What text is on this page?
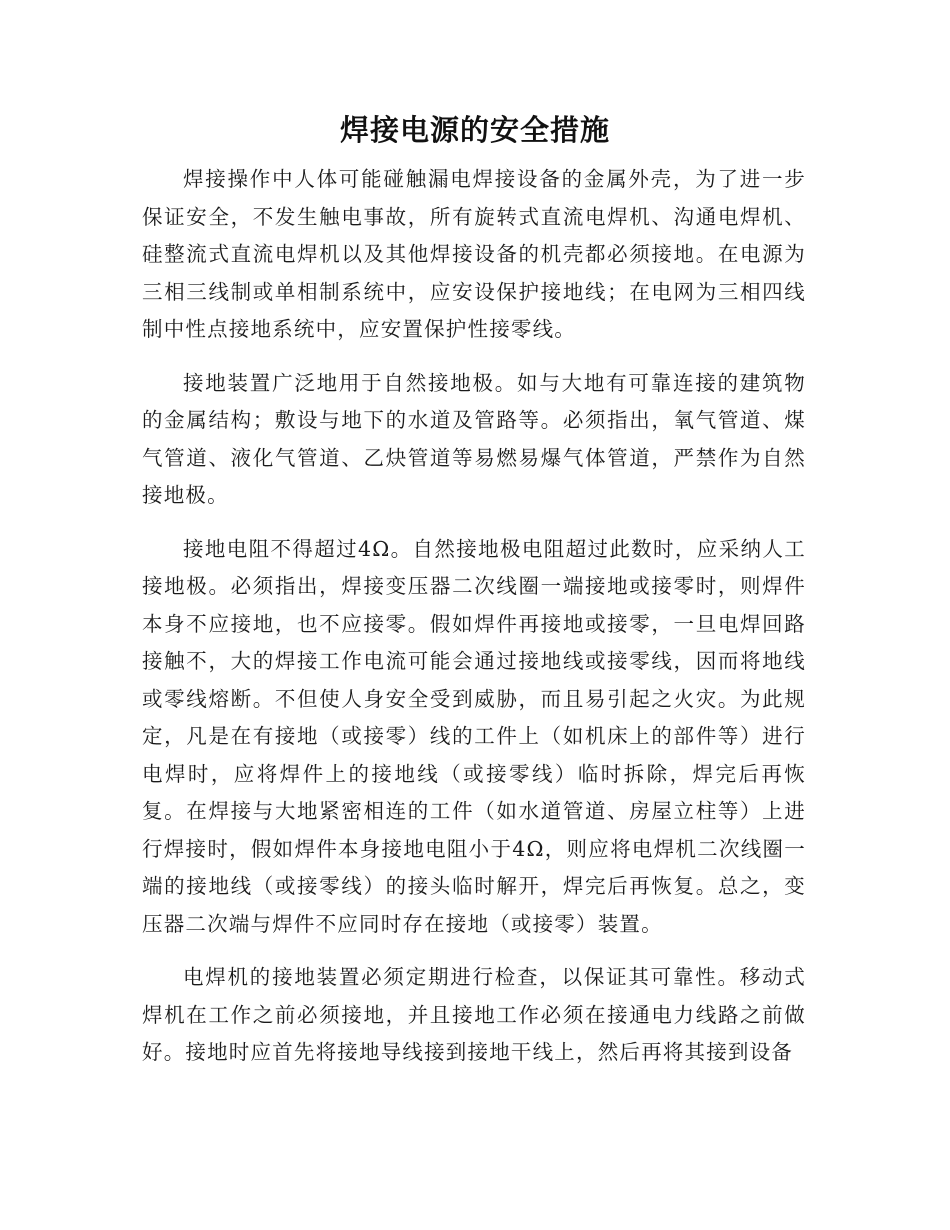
焊接电源的安全措施

焊接操作中人体可能碰触漏电焊接设备的金属外壳，为了进一步保证安全，不发生触电事故，所有旋转式直流电焊机、沟通电焊机、硅整流式直流电焊机以及其他焊接设备的机壳都必须接地。在电源为三相三线制或单相制系统中，应安设保护接地线；在电网为三相四线制中性点接地系统中，应安置保护性接零线。

接地装置广泛地用于自然接地极。如与大地有可靠连接的建筑物的金属结构；敷设与地下的水道及管路等。必须指出，氧气管道、煤气管道、液化气管道、乙炔管道等易燃易爆气体管道，严禁作为自然接地极。

接地电阻不得超过4Ω。自然接地极电阻超过此数时，应采纳人工接地极。必须指出，焊接变压器二次线圈一端接地或接零时，则焊件本身不应接地，也不应接零。假如焊件再接地或接零，一旦电焊回路接触不，大的焊接工作电流可能会通过接地线或接零线，因而将地线或零线熔断。不但使人身安全受到威胁，而且易引起之火灾。为此规定，凡是在有接地（或接零）线的工件上（如机床上的部件等）进行电焊时，应将焊件上的接地线（或接零线）临时拆除，焊完后再恢复。在焊接与大地紧密相连的工件（如水道管道、房屋立柱等）上进行焊接时，假如焊件本身接地电阻小于4Ω，则应将电焊机二次线圈一端的接地线（或接零线）的接头临时解开，焊完后再恢复。总之，变压器二次端与焊件不应同时存在接地（或接零）装置。

电焊机的接地装置必须定期进行检查，以保证其可靠性。移动式焊机在工作之前必须接地，并且接地工作必须在接通电力线路之前做好。接地时应首先将接地导线接到接地干线上，然后再将其接到设备
